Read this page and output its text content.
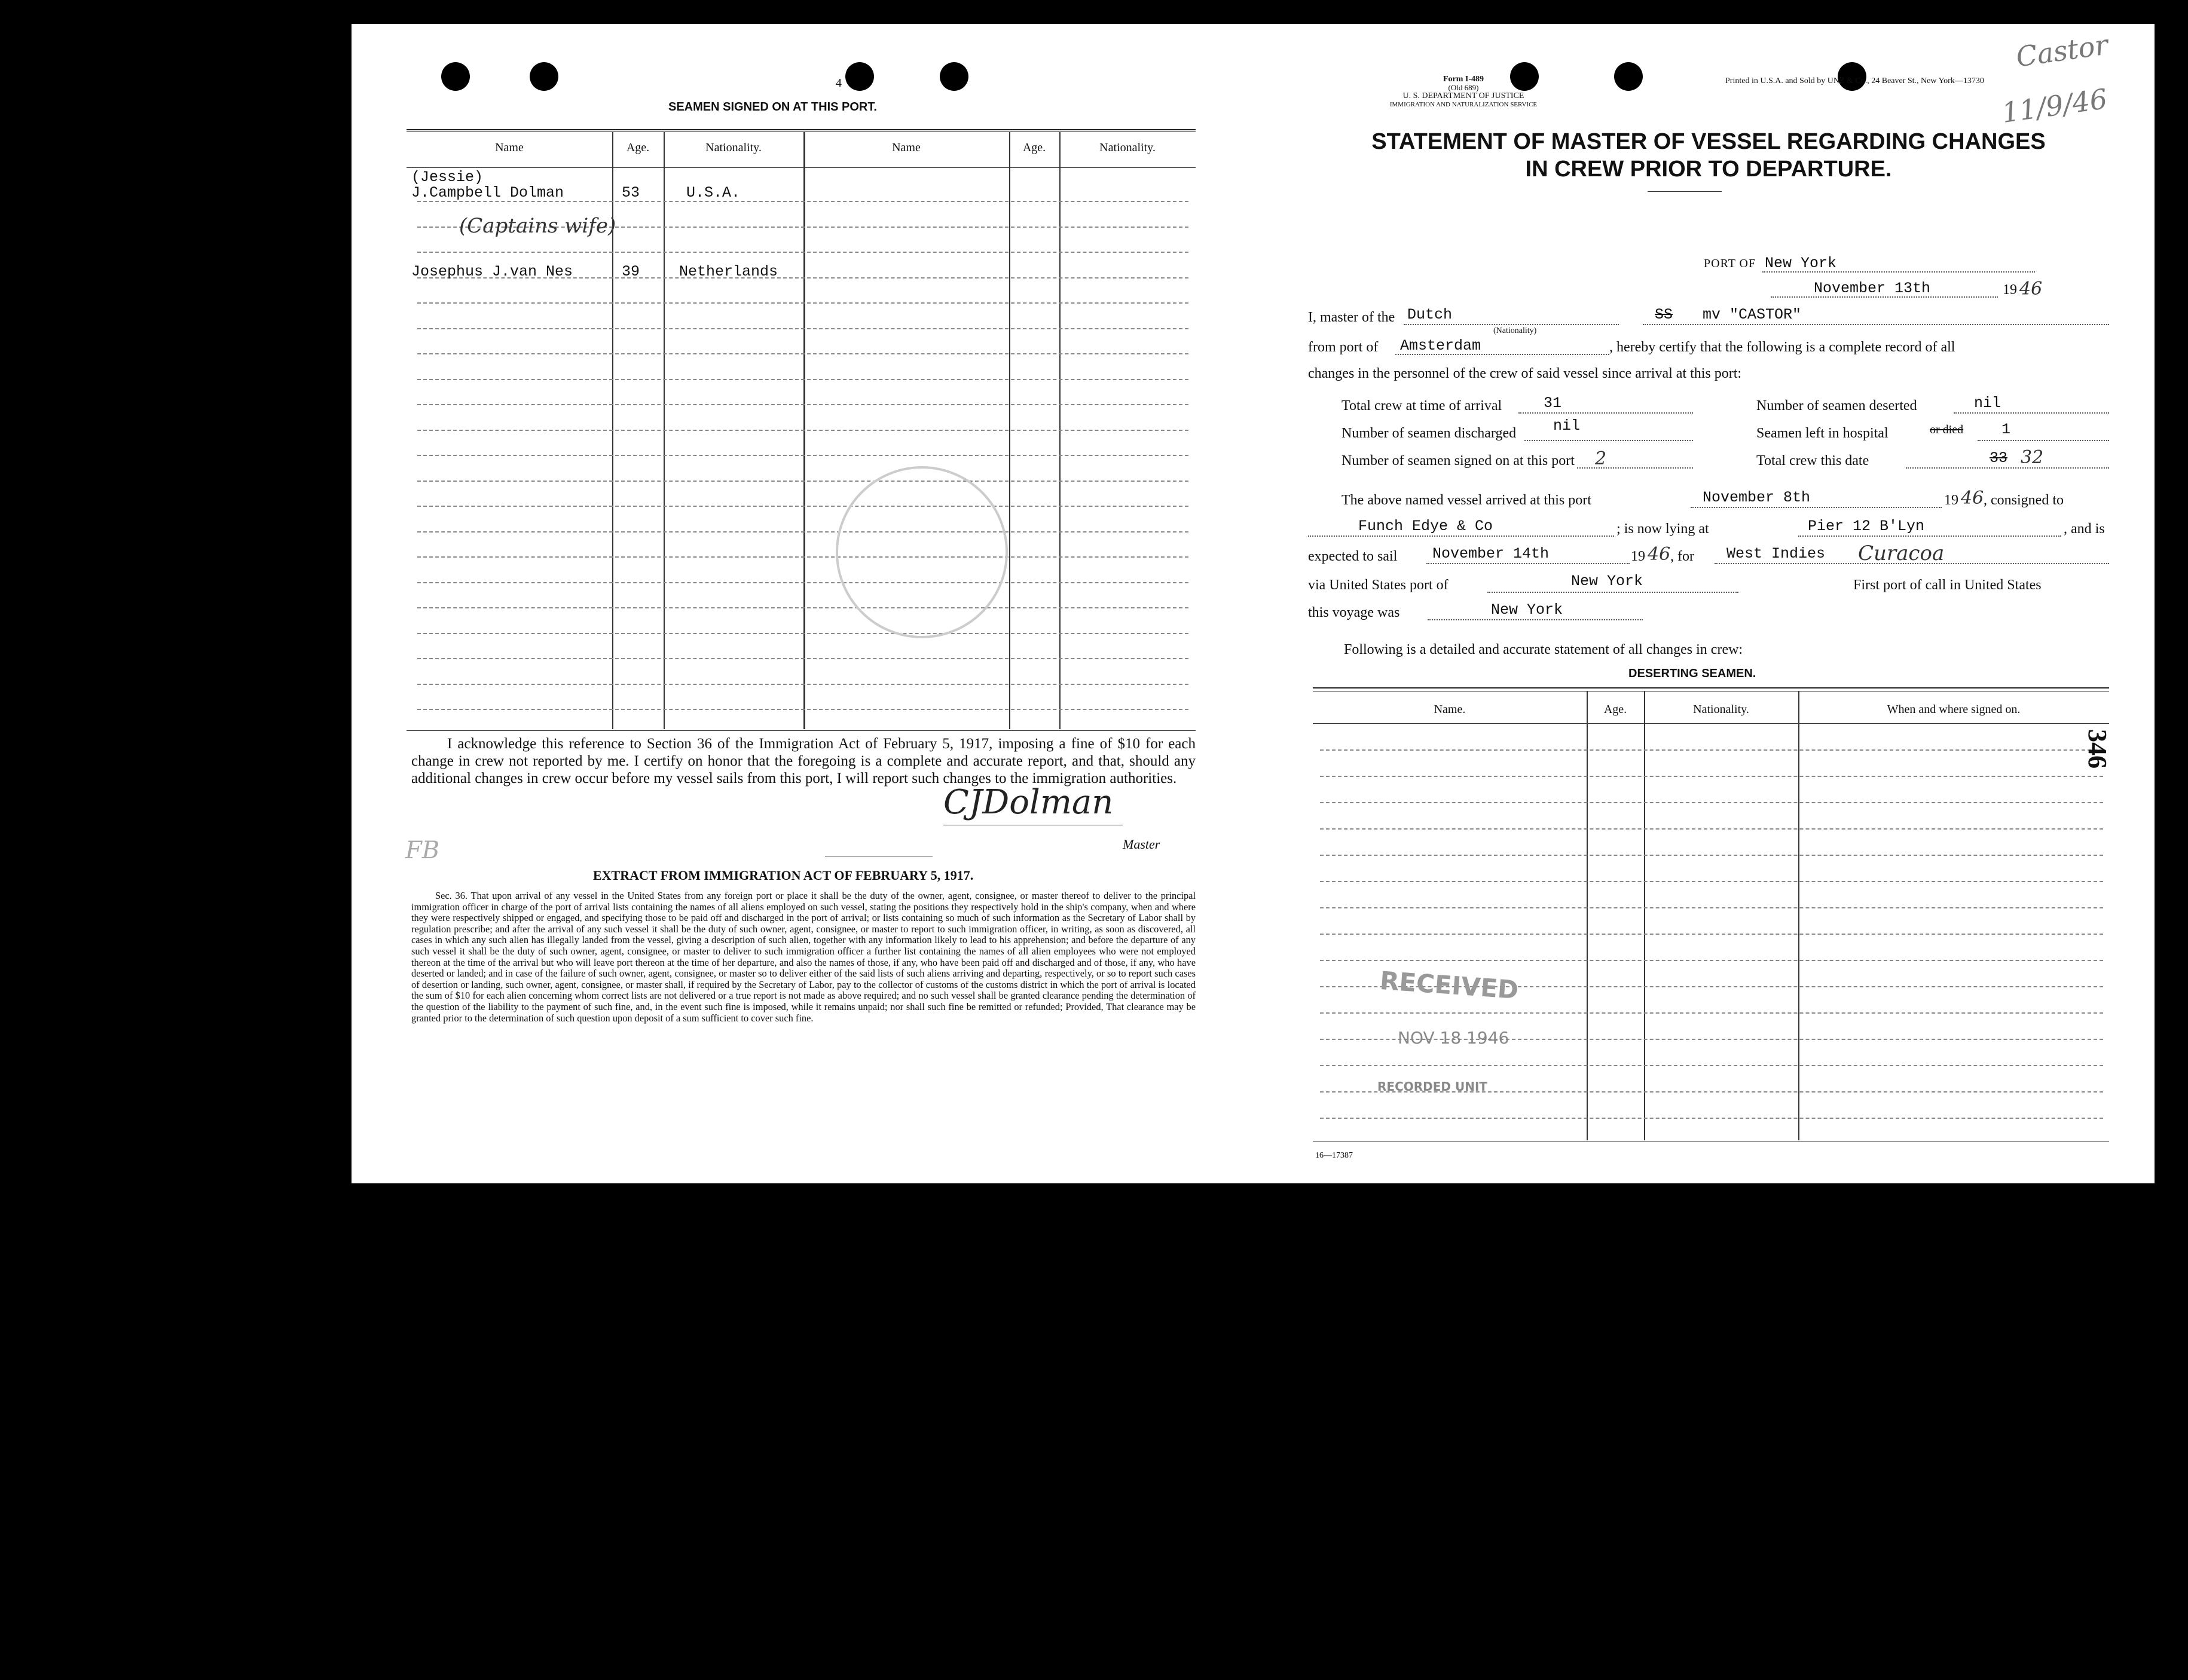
4
SEAMEN SIGNED ON AT THIS PORT.
Name	Age.	Nationality.	Name	Age.	Nationality.
(Jessie)
J.Campbell Dolman	53	U.S.A.
(Captains wife)
Josephus J.van Nes	39	Netherlands
I acknowledge this reference to Section 36 of the Immigration Act of February 5, 1917, imposing a fine of $10 for each change in crew not reported by me. I certify on honor that the foregoing is a complete and accurate report, and that, should any additional changes in crew occur before my vessel sails from this port, I will report such changes to the immigration authorities.
CJDolman
Master
FB
EXTRACT FROM IMMIGRATION ACT OF FEBRUARY 5, 1917.
Sec. 36. That upon arrival of any vessel in the United States from any foreign port or place it shall be the duty of the owner, agent, consignee, or master thereof to deliver to the principal immigration officer in charge of the port of arrival lists containing the names of all aliens employed on such vessel, stating the positions they respectively hold in the ship's company, when and where they were respectively shipped or engaged, and specifying those to be paid off and discharged in the port of arrival; or lists containing so much of such information as the Secretary of Labor shall by regulation prescribe; and after the arrival of any such vessel it shall be the duty of such owner, agent, consignee, or master to report to such immigration officer, in writing, as soon as discovered, all cases in which any such alien has illegally landed from the vessel, giving a description of such alien, together with any information likely to lead to his apprehension; and before the departure of any such vessel it shall be the duty of such owner, agent, consignee, or master to deliver to such immigration officer a further list containing the names of all alien employees who were not employed thereon at the time of the arrival but who will leave port thereon at the time of her departure, and also the names of those, if any, who have been paid off and discharged and of those, if any, who have deserted or landed; and in case of the failure of such owner, agent, consignee, or master so to deliver either of the said lists of such aliens arriving and departing, respectively, or so to report such cases of desertion or landing, such owner, agent, consignee, or master shall, if required by the Secretary of Labor, pay to the collector of customs of the customs district in which the port of arrival is located the sum of $10 for each alien concerning whom correct lists are not delivered or a true report is not made as above required; and no such vessel shall be granted clearance pending the determination of the question of the liability to the payment of such fine, and, in the event such fine is imposed, while it remains unpaid; nor shall such fine be remitted or refunded; Provided, That clearance may be granted prior to the determination of such question upon deposit of a sum sufficient to cover such fine.
Form I-489
(Old 689)
U. S. DEPARTMENT OF JUSTICE
IMMIGRATION AND NATURALIZATION SERVICE
Printed in U.S.A. and Sold by UNZ & Co., 24 Beaver St., New York—13730
STATEMENT OF MASTER OF VESSEL REGARDING CHANGES
IN CREW PRIOR TO DEPARTURE.
PORT OF New York
November 13th	19 46
I, master of the Dutch
(Nationality)
SS mv "CASTOR"
from port of Amsterdam	, hereby certify that the following is a complete record of all
changes in the personnel of the crew of said vessel since arrival at this port:
Total crew at time of arrival	31	Number of seamen deserted	nil
Number of seamen discharged nil	Seamen left in hospital	or died	1
Number of seamen signed on at this port 2	Total crew this date	33 32
The above named vessel arrived at this port	November 8th	19 46 , consigned to
Funch Edye & Co	; is now lying at	Pier 12 B'Lyn	, and is
expected to sail November 14th	19 46 , for West Indies Curacoa
via United States port of	New York	First port of call in United States
this voyage was	New York
Following is a detailed and accurate statement of all changes in crew:
DESERTING SEAMEN.
Name.	Age.	Nationality.	When and where signed on.
16—17387
RECEIVED
NOV 18 1946
RECORDED UNIT
Castor
11/9/46
346
